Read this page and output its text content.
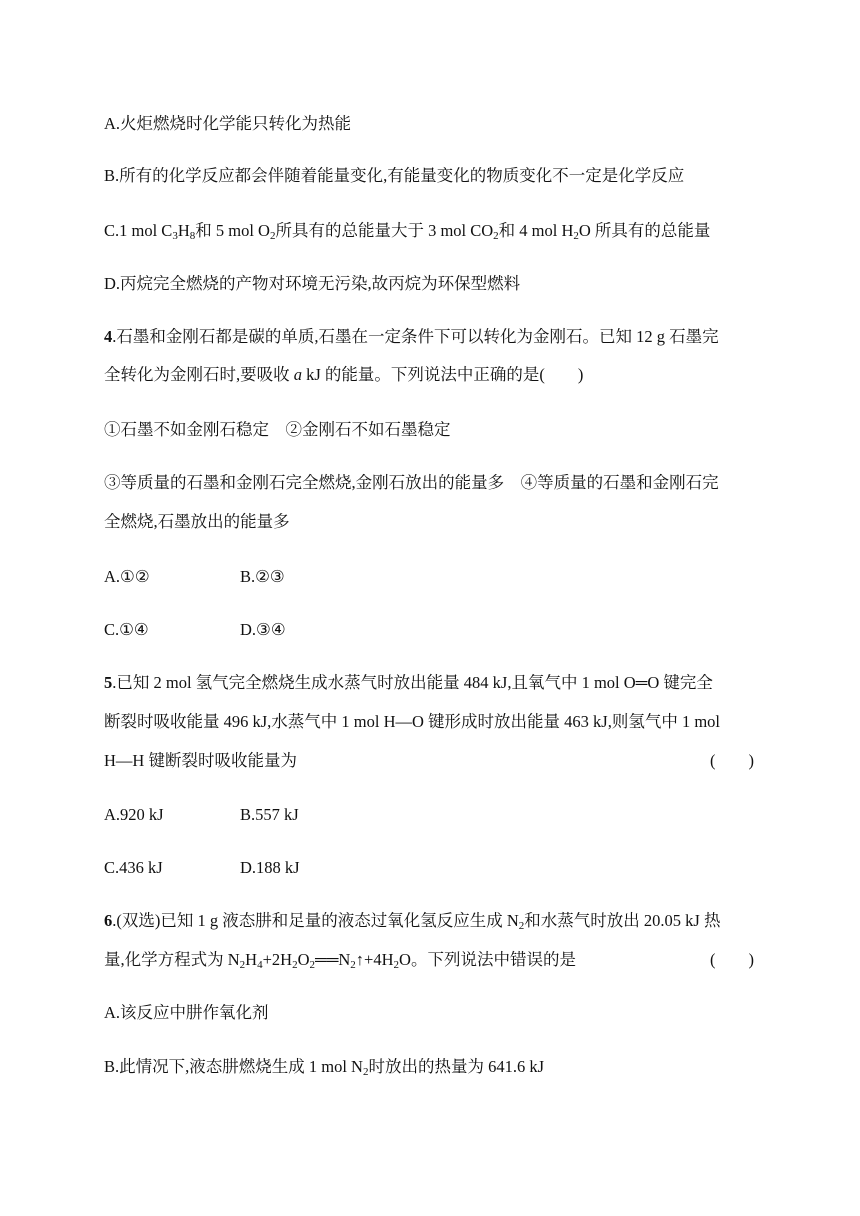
A.火炬燃烧时化学能只转化为热能
B.所有的化学反应都会伴随着能量变化,有能量变化的物质变化不一定是化学反应
C.1 mol $C_3H_8$和 5 mol $O_2$所具有的总能量大于 3 mol $CO_2$和 4 mol $H_2O$ 所具有的总能量
D.丙烷完全燃烧的产物对环境无污染,故丙烷为环保型燃料
4.石墨和金刚石都是碳的单质,石墨在一定条件下可以转化为金刚石。已知 12 g 石墨完
全转化为金刚石时,要吸收 a kJ 的能量。下列说法中正确的是(　　)
①石墨不如金刚石稳定　②金刚石不如石墨稳定
③等质量的石墨和金刚石完全燃烧,金刚石放出的能量多　④等质量的石墨和金刚石完
全燃烧,石墨放出的能量多
A.①②	B.②③
C.①④	D.③④
5.已知 2 mol 氢气完全燃烧生成水蒸气时放出能量 484 kJ,且氧气中 1 mol O═O 键完全
断裂时吸收能量 496 kJ,水蒸气中 1 mol H—O 键形成时放出能量 463 kJ,则氢气中 1 mol
H—H 键断裂时吸收能量为	(　　)
A.920 kJ	B.557 kJ
C.436 kJ	D.188 kJ
6.(双选)已知 1 g 液态肼和足量的液态过氧化氢反应生成 $N_2$和水蒸气时放出 20.05 kJ 热
量,化学方程式为 $N_2H_4+2H_2O_2══N_2↑+4H_2O$。下列说法中错误的是	(　　)
A.该反应中肼作氧化剂
B.此情况下,液态肼燃烧生成 1 mol $N_2$时放出的热量为 641.6 kJ
